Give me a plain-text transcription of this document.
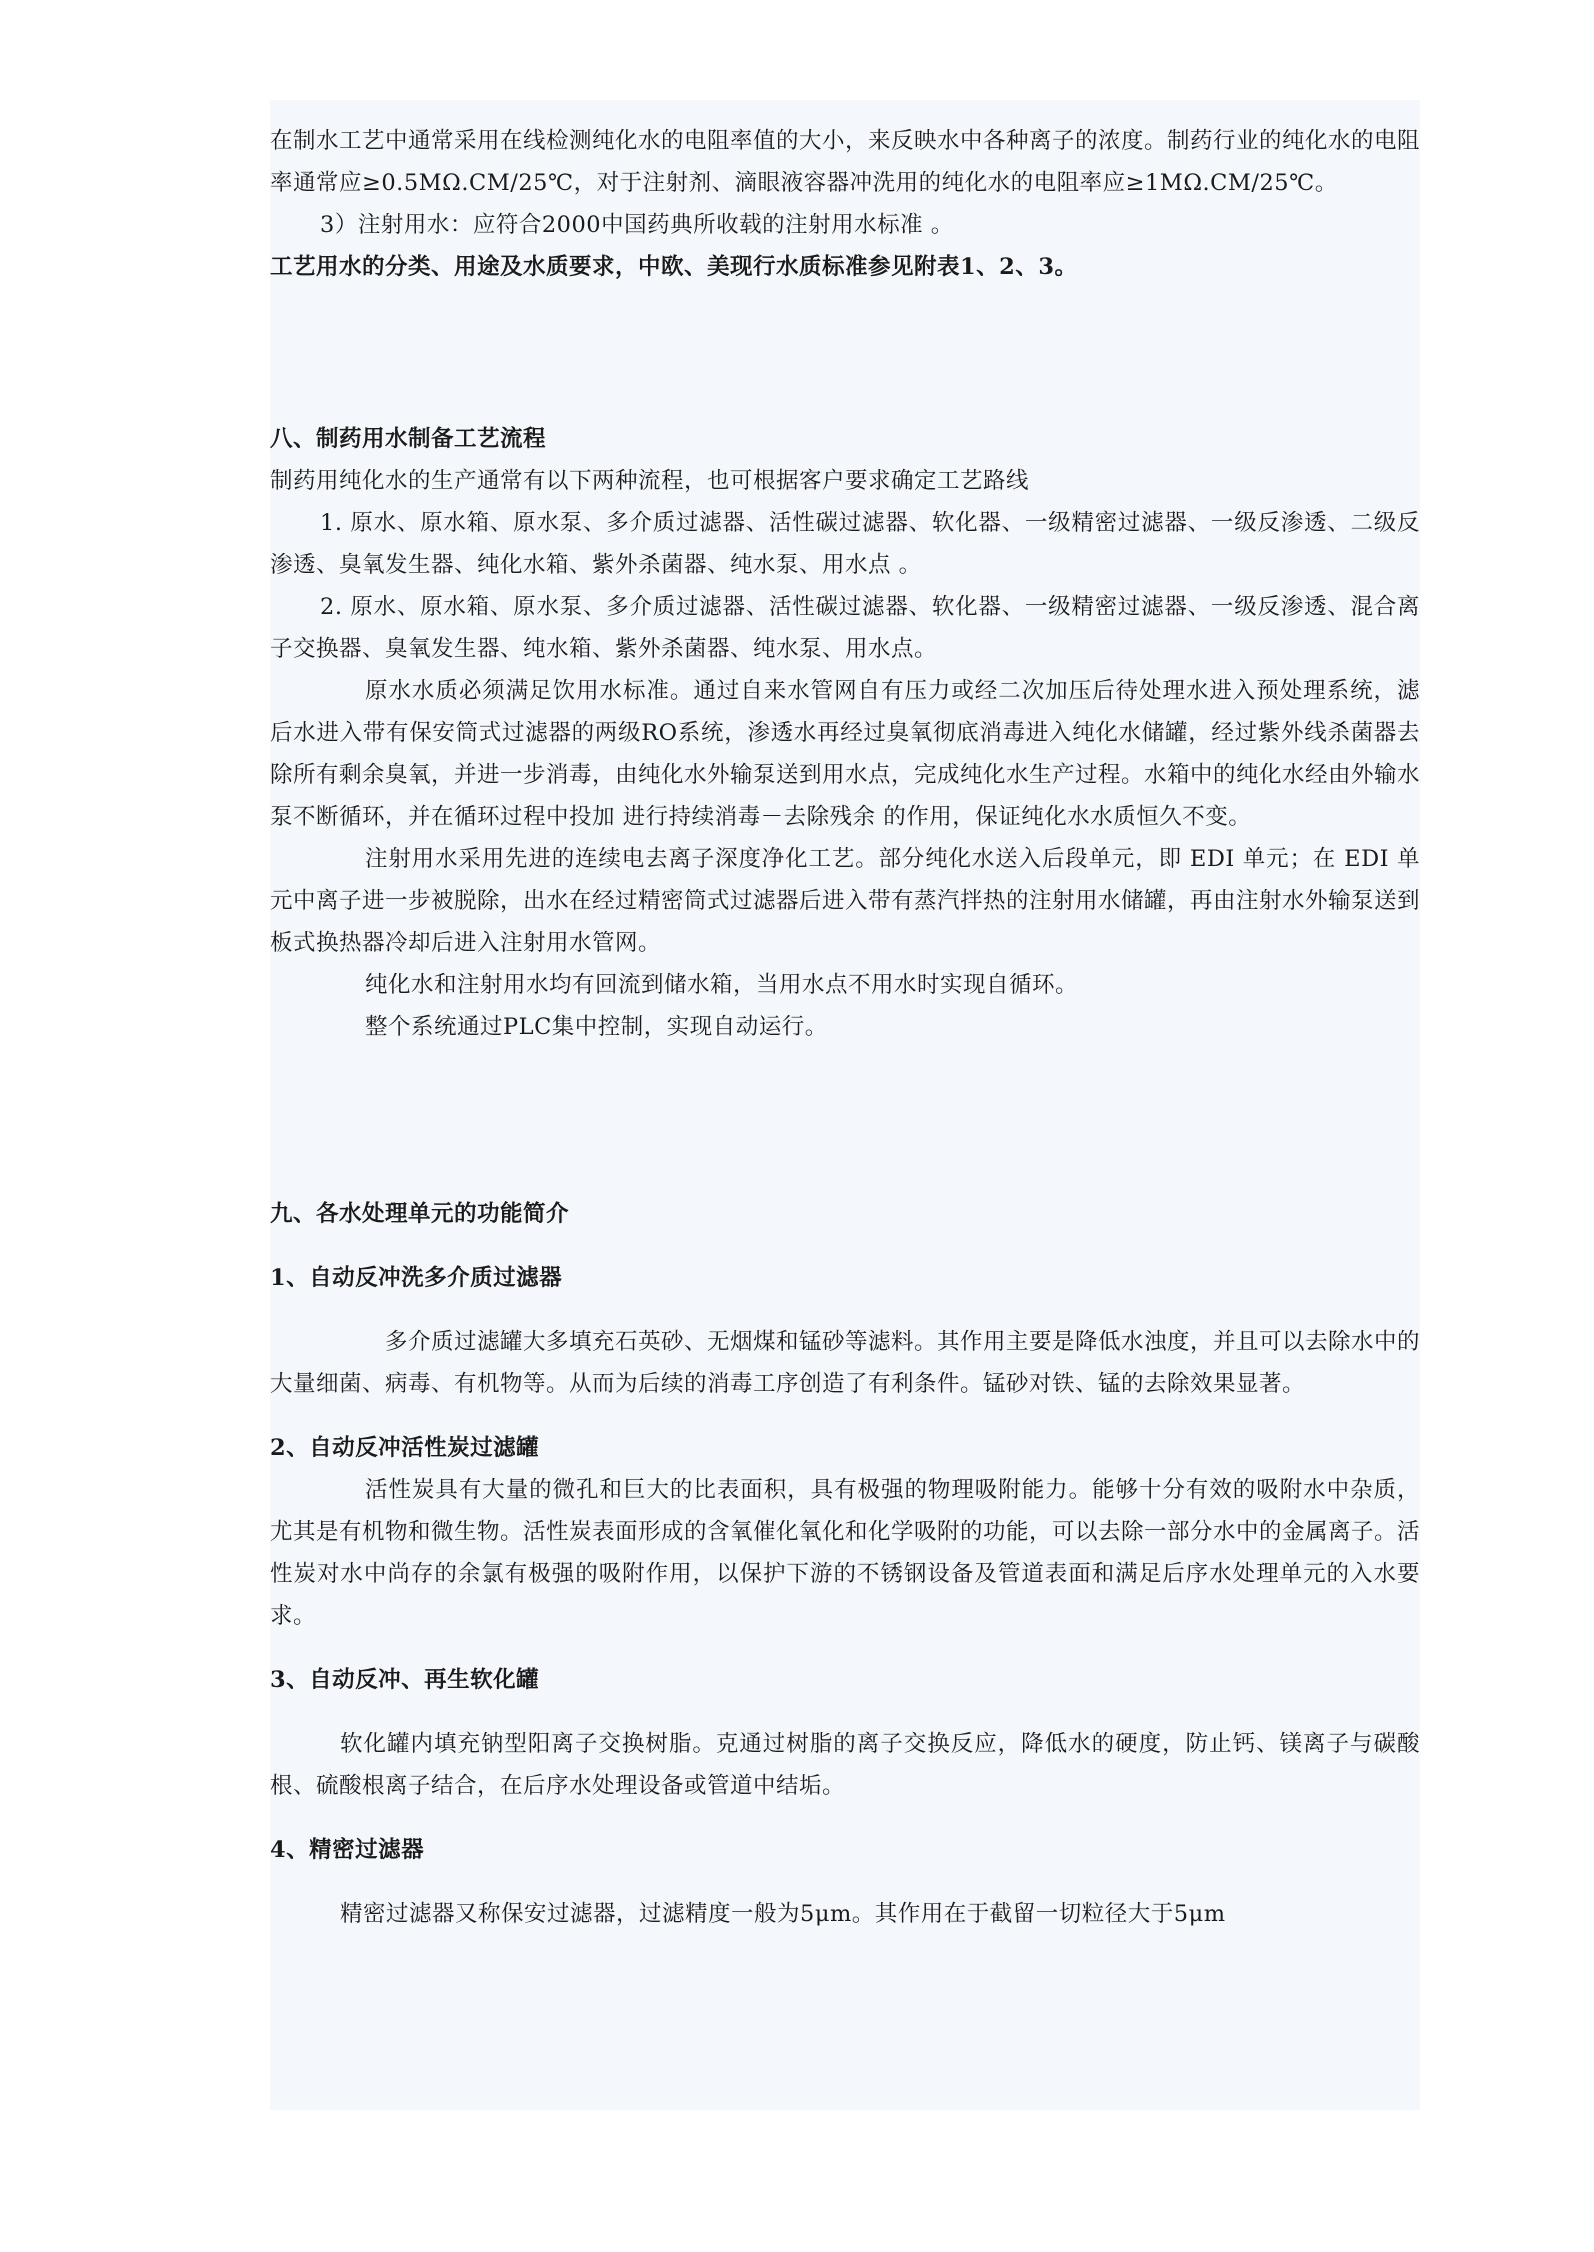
在制水工艺中通常采用在线检测纯化水的电阻率值的大小，来反映水中各种离子的浓度。制药行业的纯化水的电阻率通常应≥0.5MΩ.CM/25℃，对于注射剂、滴眼液容器冲洗用的纯化水的电阻率应≥1MΩ.CM/25℃。

3）注射用水：应符合2000中国药典所收载的注射用水标准 。

工艺用水的分类、用途及水质要求，中欧、美现行水质标准参见附表1、2、3。

八、制药用水制备工艺流程

制药用纯化水的生产通常有以下两种流程，也可根据客户要求确定工艺路线

1. 原水、原水箱、原水泵、多介质过滤器、活性碳过滤器、软化器、一级精密过滤器、一级反渗透、二级反渗透、臭氧发生器、纯化水箱、紫外杀菌器、纯水泵、用水点 。

2. 原水、原水箱、原水泵、多介质过滤器、活性碳过滤器、软化器、一级精密过滤器、一级反渗透、混合离子交换器、臭氧发生器、纯水箱、紫外杀菌器、纯水泵、用水点。

原水水质必须满足饮用水标准。通过自来水管网自有压力或经二次加压后待处理水进入预处理系统，滤后水进入带有保安筒式过滤器的两级RO系统，渗透水再经过臭氧彻底消毒进入纯化水储罐，经过紫外线杀菌器去除所有剩余臭氧，并进一步消毒，由纯化水外输泵送到用水点，完成纯化水生产过程。水箱中的纯化水经由外输水泵不断循环，并在循环过程中投加 进行持续消毒－去除残余 的作用，保证纯化水水质恒久不变。

注射用水采用先进的连续电去离子深度净化工艺。部分纯化水送入后段单元，即 EDI 单元；在 EDI 单元中离子进一步被脱除，出水在经过精密筒式过滤器后进入带有蒸汽拌热的注射用水储罐，再由注射水外输泵送到板式换热器冷却后进入注射用水管网。

纯化水和注射用水均有回流到储水箱，当用水点不用水时实现自循环。

整个系统通过PLC集中控制，实现自动运行。

九、各水处理单元的功能简介

1、自动反冲洗多介质过滤器

多介质过滤罐大多填充石英砂、无烟煤和锰砂等滤料。其作用主要是降低水浊度，并且可以去除水中的大量细菌、病毒、有机物等。从而为后续的消毒工序创造了有利条件。锰砂对铁、锰的去除效果显著。

2、自动反冲活性炭过滤罐

活性炭具有大量的微孔和巨大的比表面积，具有极强的物理吸附能力。能够十分有效的吸附水中杂质，尤其是有机物和微生物。活性炭表面形成的含氧催化氧化和化学吸附的功能，可以去除一部分水中的金属离子。活性炭对水中尚存的余氯有极强的吸附作用，以保护下游的不锈钢设备及管道表面和满足后序水处理单元的入水要求。

3、自动反冲、再生软化罐

软化罐内填充钠型阳离子交换树脂。克通过树脂的离子交换反应，降低水的硬度，防止钙、镁离子与碳酸根、硫酸根离子结合，在后序水处理设备或管道中结垢。

4、精密过滤器

精密过滤器又称保安过滤器，过滤精度一般为5μm。其作用在于截留一切粒径大于5μm
